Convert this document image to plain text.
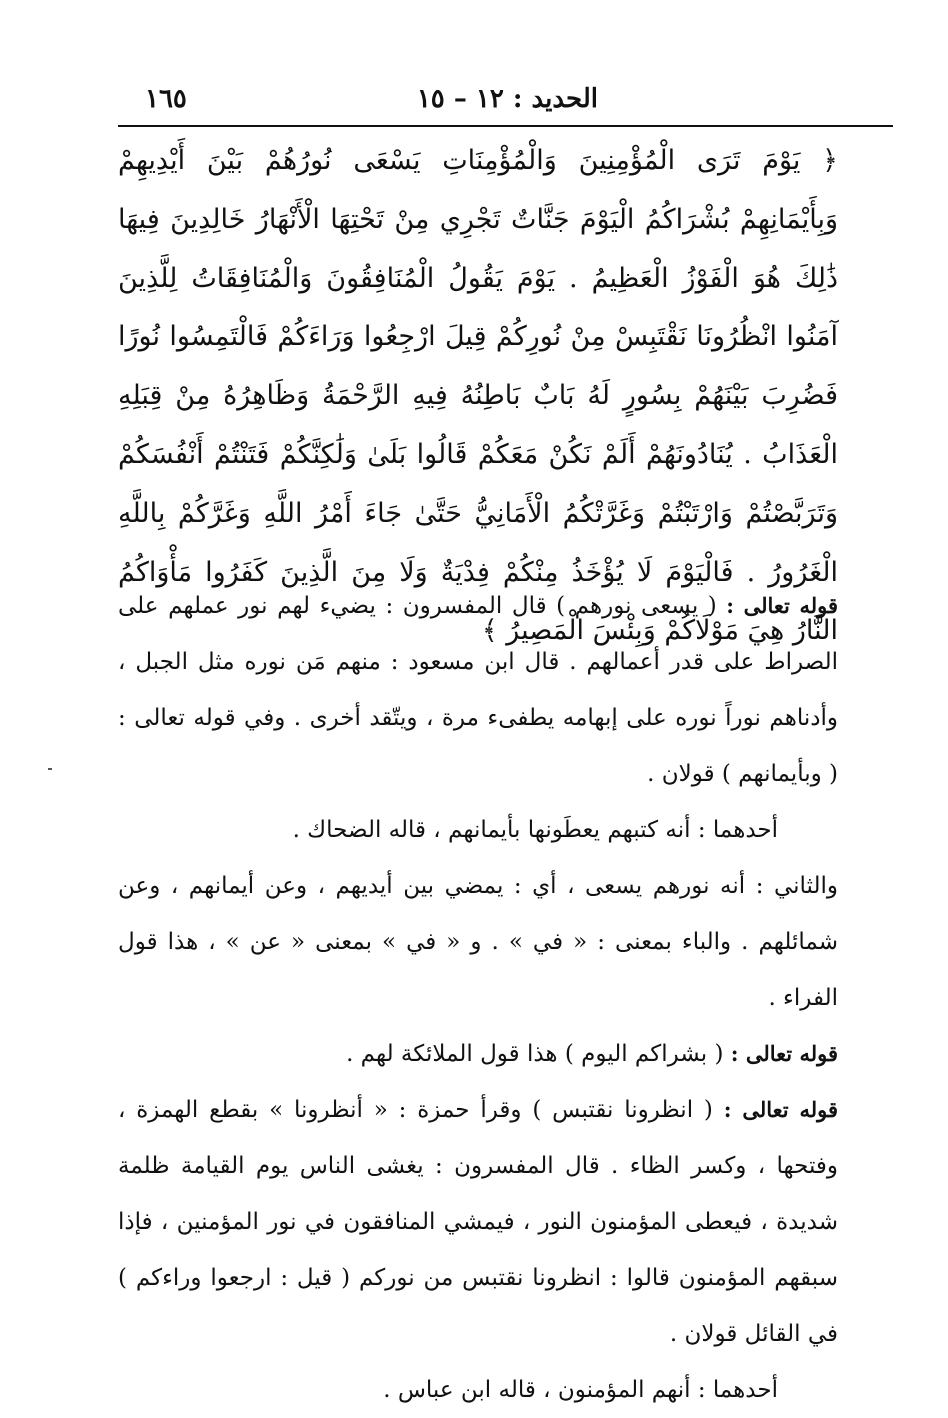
الحديد : ١٢ – ١٥
١٦٥
﴿ يَوْمَ تَرَى الْمُؤْمِنِينَ وَالْمُؤْمِنَاتِ يَسْعَى نُورُهُمْ بَيْنَ أَيْدِيهِمْ وَبِأَيْمَانِهِمْ بُشْرَاكُمُ الْيَوْمَ جَنَّاتٌ تَجْرِي مِنْ تَحْتِهَا الْأَنْهَارُ خَالِدِينَ فِيهَا ذَٰلِكَ هُوَ الْفَوْزُ الْعَظِيمُ . يَوْمَ يَقُولُ الْمُنَافِقُونَ وَالْمُنَافِقَاتُ لِلَّذِينَ آمَنُوا انْظُرُونَا نَقْتَبِسْ مِنْ نُورِكُمْ قِيلَ ارْجِعُوا وَرَاءَكُمْ فَالْتَمِسُوا نُورًا فَضُرِبَ بَيْنَهُمْ بِسُورٍ لَهُ بَابٌ بَاطِنُهُ فِيهِ الرَّحْمَةُ وَظَاهِرُهُ مِنْ قِبَلِهِ الْعَذَابُ . يُنَادُونَهُمْ أَلَمْ نَكُنْ مَعَكُمْ قَالُوا بَلَىٰ وَلَٰكِنَّكُمْ فَتَنْتُمْ أَنْفُسَكُمْ وَتَرَبَّصْتُمْ وَارْتَبْتُمْ وَغَرَّتْكُمُ الْأَمَانِيُّ حَتَّىٰ جَاءَ أَمْرُ اللَّهِ وَغَرَّكُمْ بِاللَّهِ الْغَرُورُ . فَالْيَوْمَ لَا يُؤْخَذُ مِنْكُمْ فِدْيَةٌ وَلَا مِنَ الَّذِينَ كَفَرُوا مَأْوَاكُمُ النَّارُ هِيَ مَوْلَاكُمْ وَبِئْسَ الْمَصِيرُ ﴾

قوله تعالى : ( يسعى نورهم ) قال المفسرون : يضيء لهم نور عملهم على الصراط على قدر أعمالهم . قال ابن مسعود : منهم مَن نوره مثل الجبل ، وأدناهم نوراً نوره على إبهامه يطفىء مرة ، ويتّقد أخرى . وفي قوله تعالى : ( وبأيمانهم ) قولان .

أحدهما : أنه كتبهم يعطَونها بأيمانهم ، قاله الضحاك .

والثاني : أنه نورهم يسعى ، أي : يمضي بين أيديهم ، وعن أيمانهم ، وعن شمائلهم . والباء بمعنى : « في » . و « في » بمعنى « عن » ، هذا قول الفراء .

قوله تعالى : ( بشراكم اليوم ) هذا قول الملائكة لهم .

قوله تعالى : ( انظرونا نقتبس ) وقرأ حمزة : « أنظرونا » بقطع الهمزة ، وفتحها ، وكسر الظاء . قال المفسرون : يغشى الناس يوم القيامة ظلمة شديدة ، فيعطى المؤمنون النور ، فيمشي المنافقون في نور المؤمنين ، فإذا سبقهم المؤمنون قالوا : انظرونا نقتبس من نوركم ( قيل : ارجعوا وراءكم ) في القائل قولان .

أحدهما : أنهم المؤمنون ، قاله ابن عباس .
